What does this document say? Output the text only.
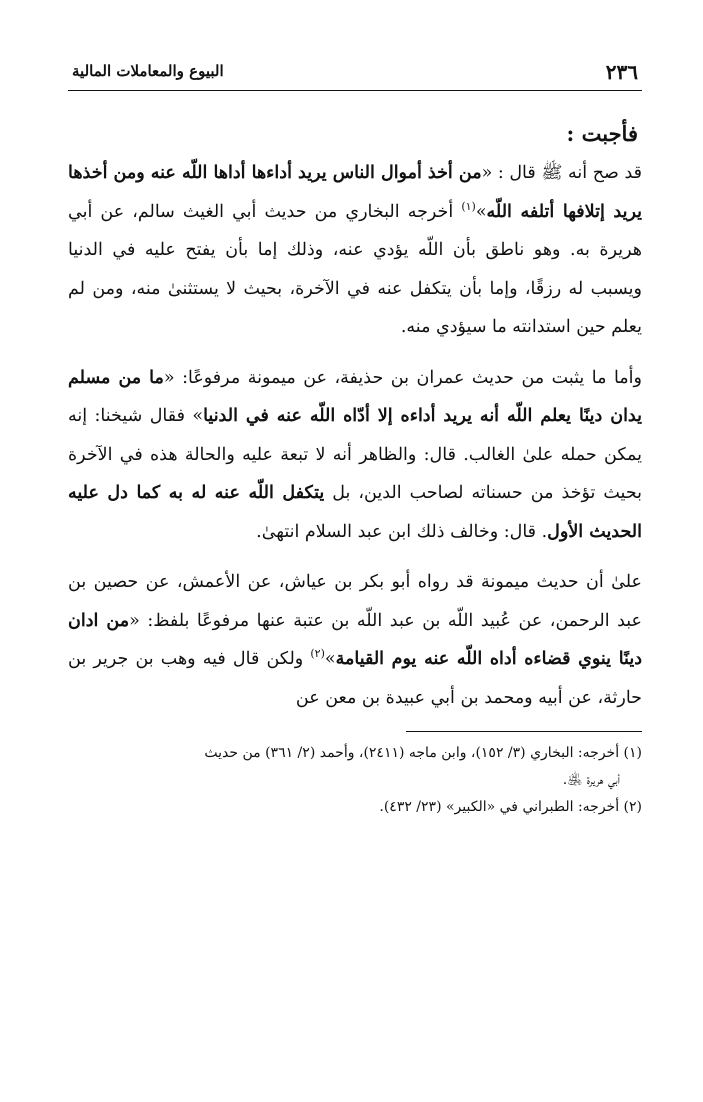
٢٣٦
البيوع والمعاملات المالية
فأجبت :

قد صح أنه ﷺ قال : «من أخذ أموال الناس يريد أداءها أداها اللّه عنه ومن أخذها يريد إتلافها أتلفه اللّه»$^{(١)}$ أخرجه البخاري من حديث أبي الغيث سالم، عن أبي هريرة به. وهو ناطق بأن اللّه يؤدي عنه، وذلك إما بأن يفتح عليه في الدنيا ويسبب له رزقًا، وإما بأن يتكفل عنه في الآخرة، بحيث لا يستثنىٰ منه، ومن لم يعلم حين استدانته ما سيؤدي منه.

وأما ما يثبت من حديث عمران بن حذيفة، عن ميمونة مرفوعًا: «ما من مسلم يدان دينًا يعلم اللّه أنه يريد أداءه إلا أدّاه اللّه عنه في الدنيا» فقال شيخنا: إنه يمكن حمله علىٰ الغالب. قال: والظاهر أنه لا تبعة عليه والحالة هذه في الآخرة بحيث تؤخذ من حسناته لصاحب الدين، بل يتكفل اللّه عنه له به كما دل عليه الحديث الأول. قال: وخالف ذلك ابن عبد السلام انتهىٰ.

علىٰ أن حديث ميمونة قد رواه أبو بكر بن عياش، عن الأعمش، عن حصين بن عبد الرحمن، عن عُبيد اللّه بن عبد اللّه بن عتبة عنها مرفوعًا بلفظ: «من ادان دينًا ينوي قضاءه أداه اللّه عنه يوم القيامة»$^{(٢)}$ ولكن قال فيه وهب بن جرير بن حارثة، عن أبيه ومحمد بن أبي عبيدة بن معن عن

(١) أخرجه: البخاري (٣/ ١٥٢)، وابن ماجه (٢٤١١)، وأحمد (٢/ ٣٦١) من حديث

أبي هريرة ﵁.

(٢) أخرجه: الطبراني في «الكبير» (٢٣/ ٤٣٢).
